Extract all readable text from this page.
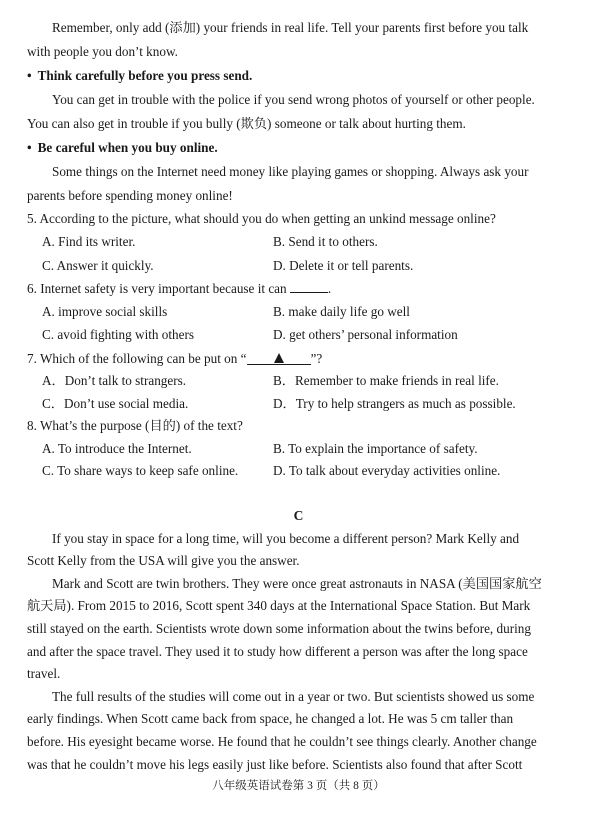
Remember, only add (添加) your friends in real life. Tell your parents first before you talk
with people you don’t know.
• Think carefully before you press send.
You can get in trouble with the police if you send wrong photos of yourself or other people.
You can also get in trouble if you bully (欺负) someone or talk about hurting them.
• Be careful when you buy online.
Some things on the Internet need money like playing games or shopping. Always ask your
parents before spending money online!
5. According to the picture, what should you do when getting an unkind message online?
A. Find its writer.	B. Send it to others.
C. Answer it quickly.	D. Delete it or tell parents.
6. Internet safety is very important because it can	.
A. improve social skills	B. make daily life go well
C. avoid fighting with others	D. get others’ personal information
7. Which of the following can be put on “	”?
A．Don’t talk to strangers.	B．Remember to make friends in real life.
C．Don’t use social media.	D．Try to help strangers as much as possible.
8. What’s the purpose (目的) of the text?
A. To introduce the Internet.	B. To explain the importance of safety.
C. To share ways to keep safe online.	D. To talk about everyday activities online.
C
If you stay in space for a long time, will you become a different person? Mark Kelly and
Scott Kelly from the USA will give you the answer.
Mark and Scott are twin brothers. They were once great astronauts in NASA (美国国家航空
航天局). From 2015 to 2016, Scott spent 340 days at the International Space Station. But Mark
still stayed on the earth. Scientists wrote down some information about the twins before, during
and after the space travel. They used it to study how different a person was after the long space
travel.
The full results of the studies will come out in a year or two. But scientists showed us some
early findings. When Scott came back from space, he changed a lot. He was 5 cm taller than
before. His eyesight became worse. He found that he couldn’t see things clearly. Another change
was that he couldn’t move his legs easily just like before. Scientists also found that after Scott
八年级英语试卷第 3 页（共 8 页）
